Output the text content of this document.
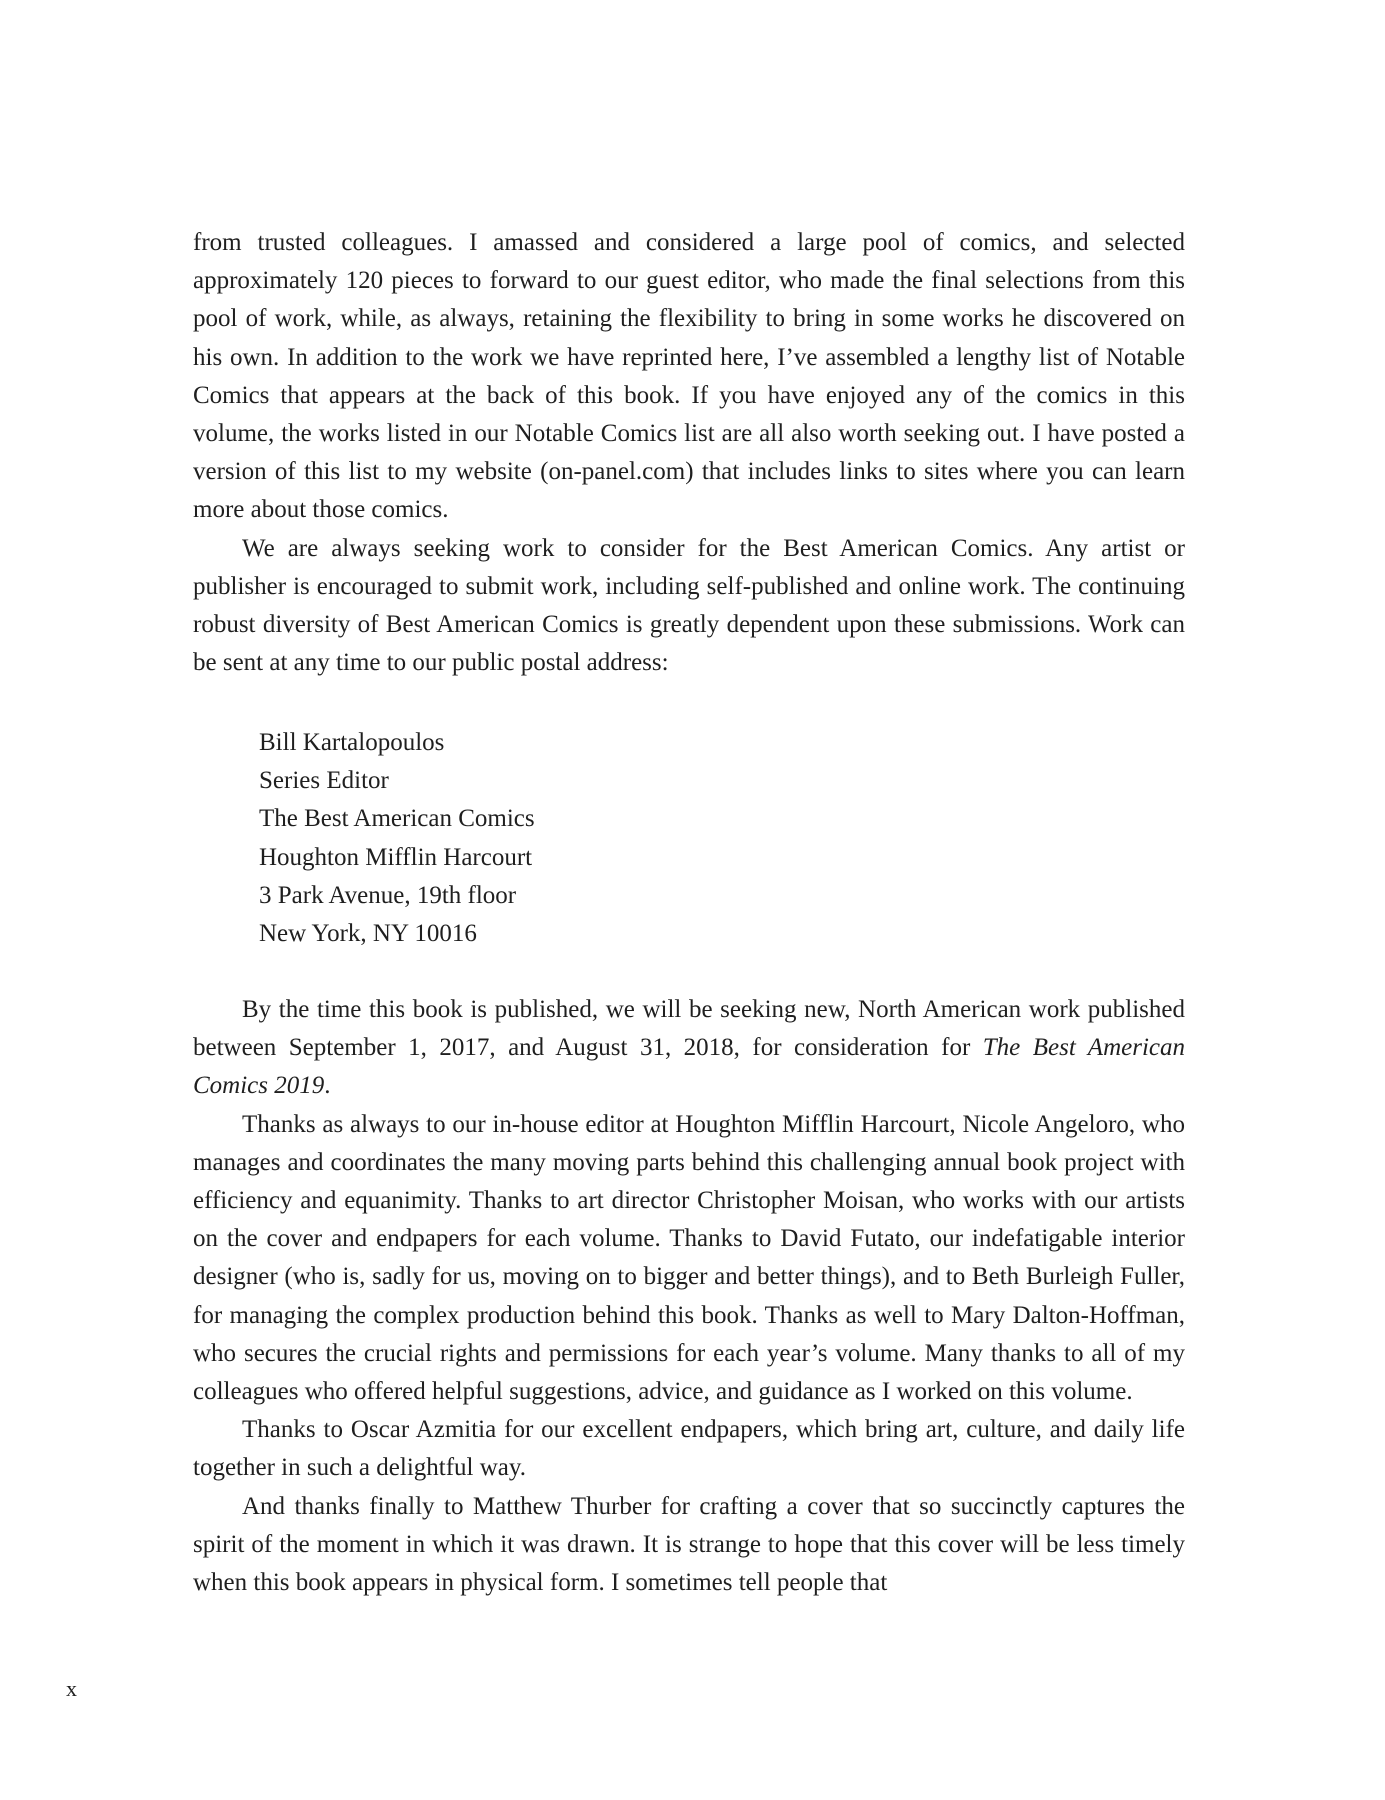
from trusted colleagues. I amassed and considered a large pool of comics, and selected approximately 120 pieces to forward to our guest editor, who made the final selections from this pool of work, while, as always, retaining the flexibility to bring in some works he discovered on his own. In addition to the work we have reprinted here, I’ve assembled a lengthy list of Notable Comics that appears at the back of this book. If you have enjoyed any of the comics in this volume, the works listed in our Notable Comics list are all also worth seeking out. I have posted a version of this list to my website (on-panel.com) that includes links to sites where you can learn more about those comics.

We are always seeking work to consider for the Best American Comics. Any artist or publisher is encouraged to submit work, including self-published and online work. The continuing robust diversity of Best American Comics is greatly dependent upon these submissions. Work can be sent at any time to our public postal address:

Bill Kartalopoulos
Series Editor
The Best American Comics
Houghton Mifflin Harcourt
3 Park Avenue, 19th floor
New York, NY 10016

By the time this book is published, we will be seeking new, North American work published between September 1, 2017, and August 31, 2018, for consideration for The Best American Comics 2019.

Thanks as always to our in-house editor at Houghton Mifflin Harcourt, Nicole Angeloro, who manages and coordinates the many moving parts behind this challenging annual book project with efficiency and equanimity. Thanks to art director Christopher Moisan, who works with our artists on the cover and endpapers for each volume. Thanks to David Futato, our indefatigable interior designer (who is, sadly for us, moving on to bigger and better things), and to Beth Burleigh Fuller, for managing the complex production behind this book. Thanks as well to Mary Dalton-Hoffman, who secures the crucial rights and permissions for each year’s volume. Many thanks to all of my colleagues who offered helpful suggestions, advice, and guidance as I worked on this volume.

Thanks to Oscar Azmitia for our excellent endpapers, which bring art, culture, and daily life together in such a delightful way.

And thanks finally to Matthew Thurber for crafting a cover that so succinctly captures the spirit of the moment in which it was drawn. It is strange to hope that this cover will be less timely when this book appears in physical form. I sometimes tell people that

x
